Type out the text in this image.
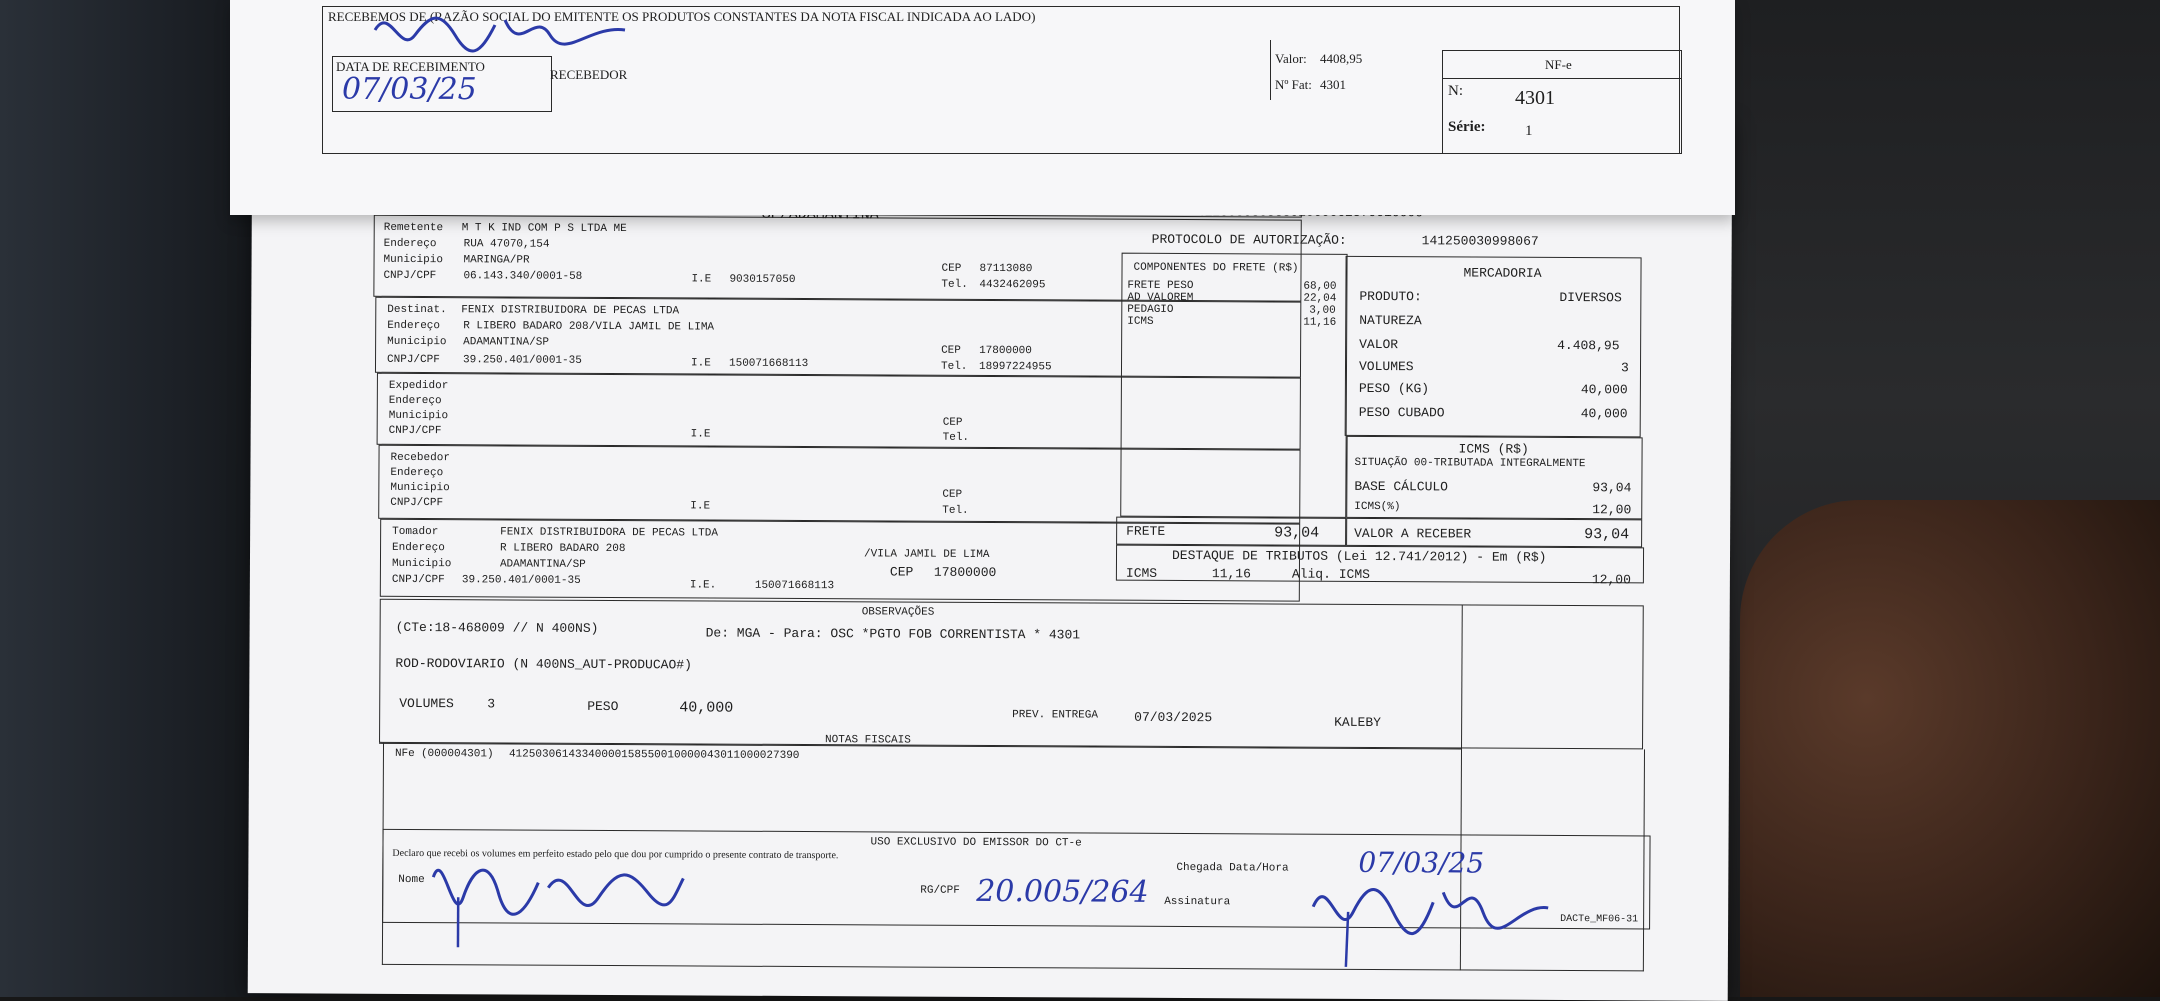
PROTOCOLO DE AUTORIZAÇÃO:	141250030998067
Remetente M T K IND COM P S LTDA ME
Endereço RUA 47070,154
Municipio MARINGA/PR
CNPJ/CPF 06.143.340/0001-58	I.E 9030157050
CEP 87113080
Tel. 4432462095
Destinat. FENIX DISTRIBUIDORA DE PECAS LTDA
Endereço R LIBERO BADARO 208/VILA JAMIL DE LIMA
Municipio ADAMANTINA/SP
CNPJ/CPF 39.250.401/0001-35	I.E 150071668113
CEP 17800000
Tel. 18997224955
Expedidor
Endereço
Municipio
CNPJ/CPF	I.E
CEP
Tel.
Recebedor
Endereço
Municipio
CNPJ/CPF	I.E
CEP
Tel.
Tomador	FENIX DISTRIBUIDORA DE PECAS LTDA
Endereço	R LIBERO BADARO 208	/VILA JAMIL DE LIMA
Municipio	ADAMANTINA/SP	CEP 17800000
CNPJ/CPF 39.250.401/0001-35	I.E.	150071668113
COMPONENTES DO FRETE (R$)
FRETE PESO	68,00
AD VALOREM	22,04
PEDAGIO	3,00
ICMS	11,16
FRETE	93,04
MERCADORIA
PRODUTO:	DIVERSOS
NATUREZA
VALOR	4.408,95
VOLUMES	3
PESO (KG)	40,000
PESO CUBADO	40,000
ICMS (R$)
SITUAÇÃO 00-TRIBUTADA INTEGRALMENTE
BASE CÁLCULO	93,04
ICMS(%)	12,00
VALOR A RECEBER	93,04
DESTAQUE DE TRIBUTOS (Lei 12.741/2012) - Em (R$)
ICMS	11,16	Aliq. ICMS	12,00
OBSERVAÇÕES
(CTe:18-468009 // N 400NS)	De: MGA - Para: OSC *PGTO FOB CORRENTISTA * 4301
ROD-RODOVIARIO (N 400NS_AUT-PRODUCAO#)
VOLUMES	3	PESO	40,000	PREV. ENTREGA	07/03/2025	KALEBY
NOTAS FISCAIS
NFe (000004301) 41250306143340000158550010000043011000027390
USO EXCLUSIVO DO EMISSOR DO CT-e
Declaro que recebi os volumes em perfeito estado pelo que dou por cumprido o presente contrato de transporte.
Nome
RG/CPF
Chegada Data/Hora
Assinatura
DACTe_MF06-31
20.005/264
07/03/25
RECEBEMOS DE (RAZÃO SOCIAL DO EMITENTE OS PRODUTOS CONSTANTES DA NOTA FISCAL INDICADA AO LADO)
Valor: 4408,95
Nº Fat: 4301
NF-e
N:	4301
Série:	1
DATA DE RECEBIMENTO
RECEBEDOR
07/03/25
